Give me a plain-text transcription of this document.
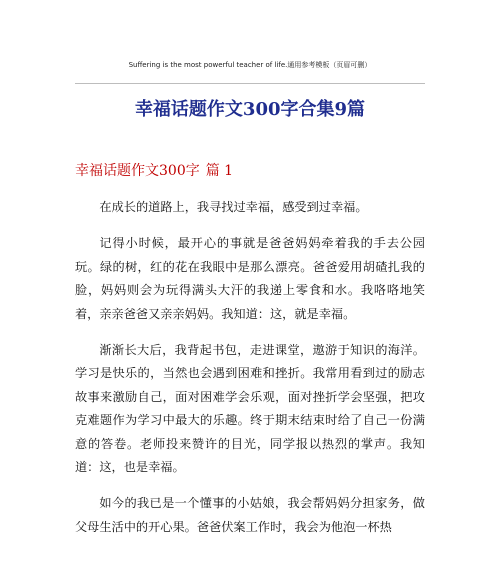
Suffering is the most powerful teacher of life.通用参考模板（页眉可删）
幸福话题作文300字合集9篇
幸福话题作文300字 篇 1

在成长的道路上，我寻找过幸福，感受到过幸福。

记得小时候，最开心的事就是爸爸妈妈牵着我的手去公园玩。绿的树，红的花在我眼中是那么漂亮。爸爸爱用胡碴扎我的脸，妈妈则会为玩得满头大汗的我递上零食和水。我咯咯地笑着，亲亲爸爸又亲亲妈妈。我知道：这，就是幸福。

渐渐长大后，我背起书包，走进课堂，遨游于知识的海洋。学习是快乐的，当然也会遇到困难和挫折。我常用看到过的励志故事来激励自己，面对困难学会乐观，面对挫折学会坚强，把攻克难题作为学习中最大的乐趣。终于期末结束时给了自己一份满意的答卷。老师投来赞许的目光，同学报以热烈的掌声。我知道：这，也是幸福。

如今的我已是一个懂事的小姑娘，我会帮妈妈分担家务，做父母生活中的开心果。爸爸伏案工作时，我会为他泡一杯热
